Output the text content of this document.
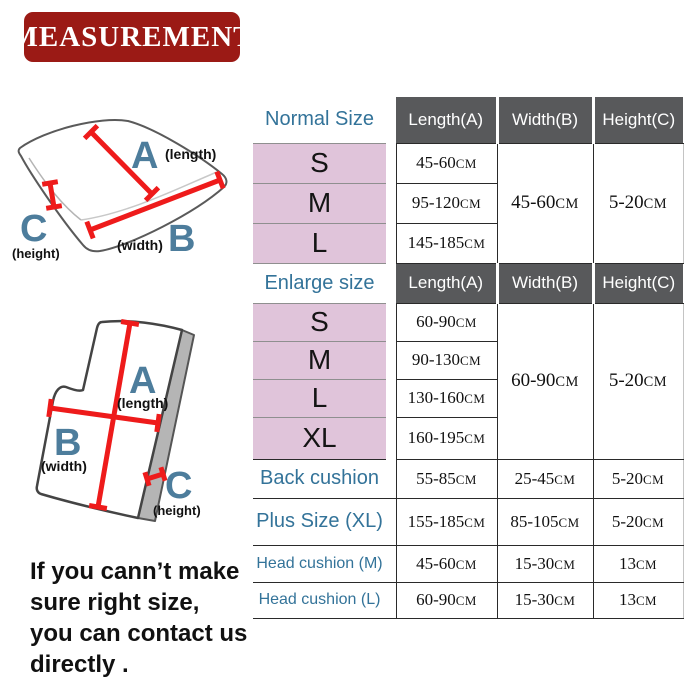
MEASUREMENT
A (length)
B
(width)
C
(height)
A
(length)
B
(width) C
(height)
If you cann’t make
sure right size,
you can contact us
directly .
Normal Size		Length(A)	Width(B)	Height(C)
S		45-60CM	45-60CM	5-20CM
M		95-120CM		
L		145-185CM		
Enlarge size		Length(A)	Width(B)	Height(C)
S		60-90CM	60-90CM	5-20CM
M		90-130CM		
L		130-160CM		
XL		160-195CM		
Back cushion		55-85CM	25-45CM	5-20CM
Plus Size (XL)		155-185CM	85-105CM	5-20CM
Head cushion (M)		45-60CM	15-30CM	13CM
Head cushion (L)		60-90CM	15-30CM	13CM
